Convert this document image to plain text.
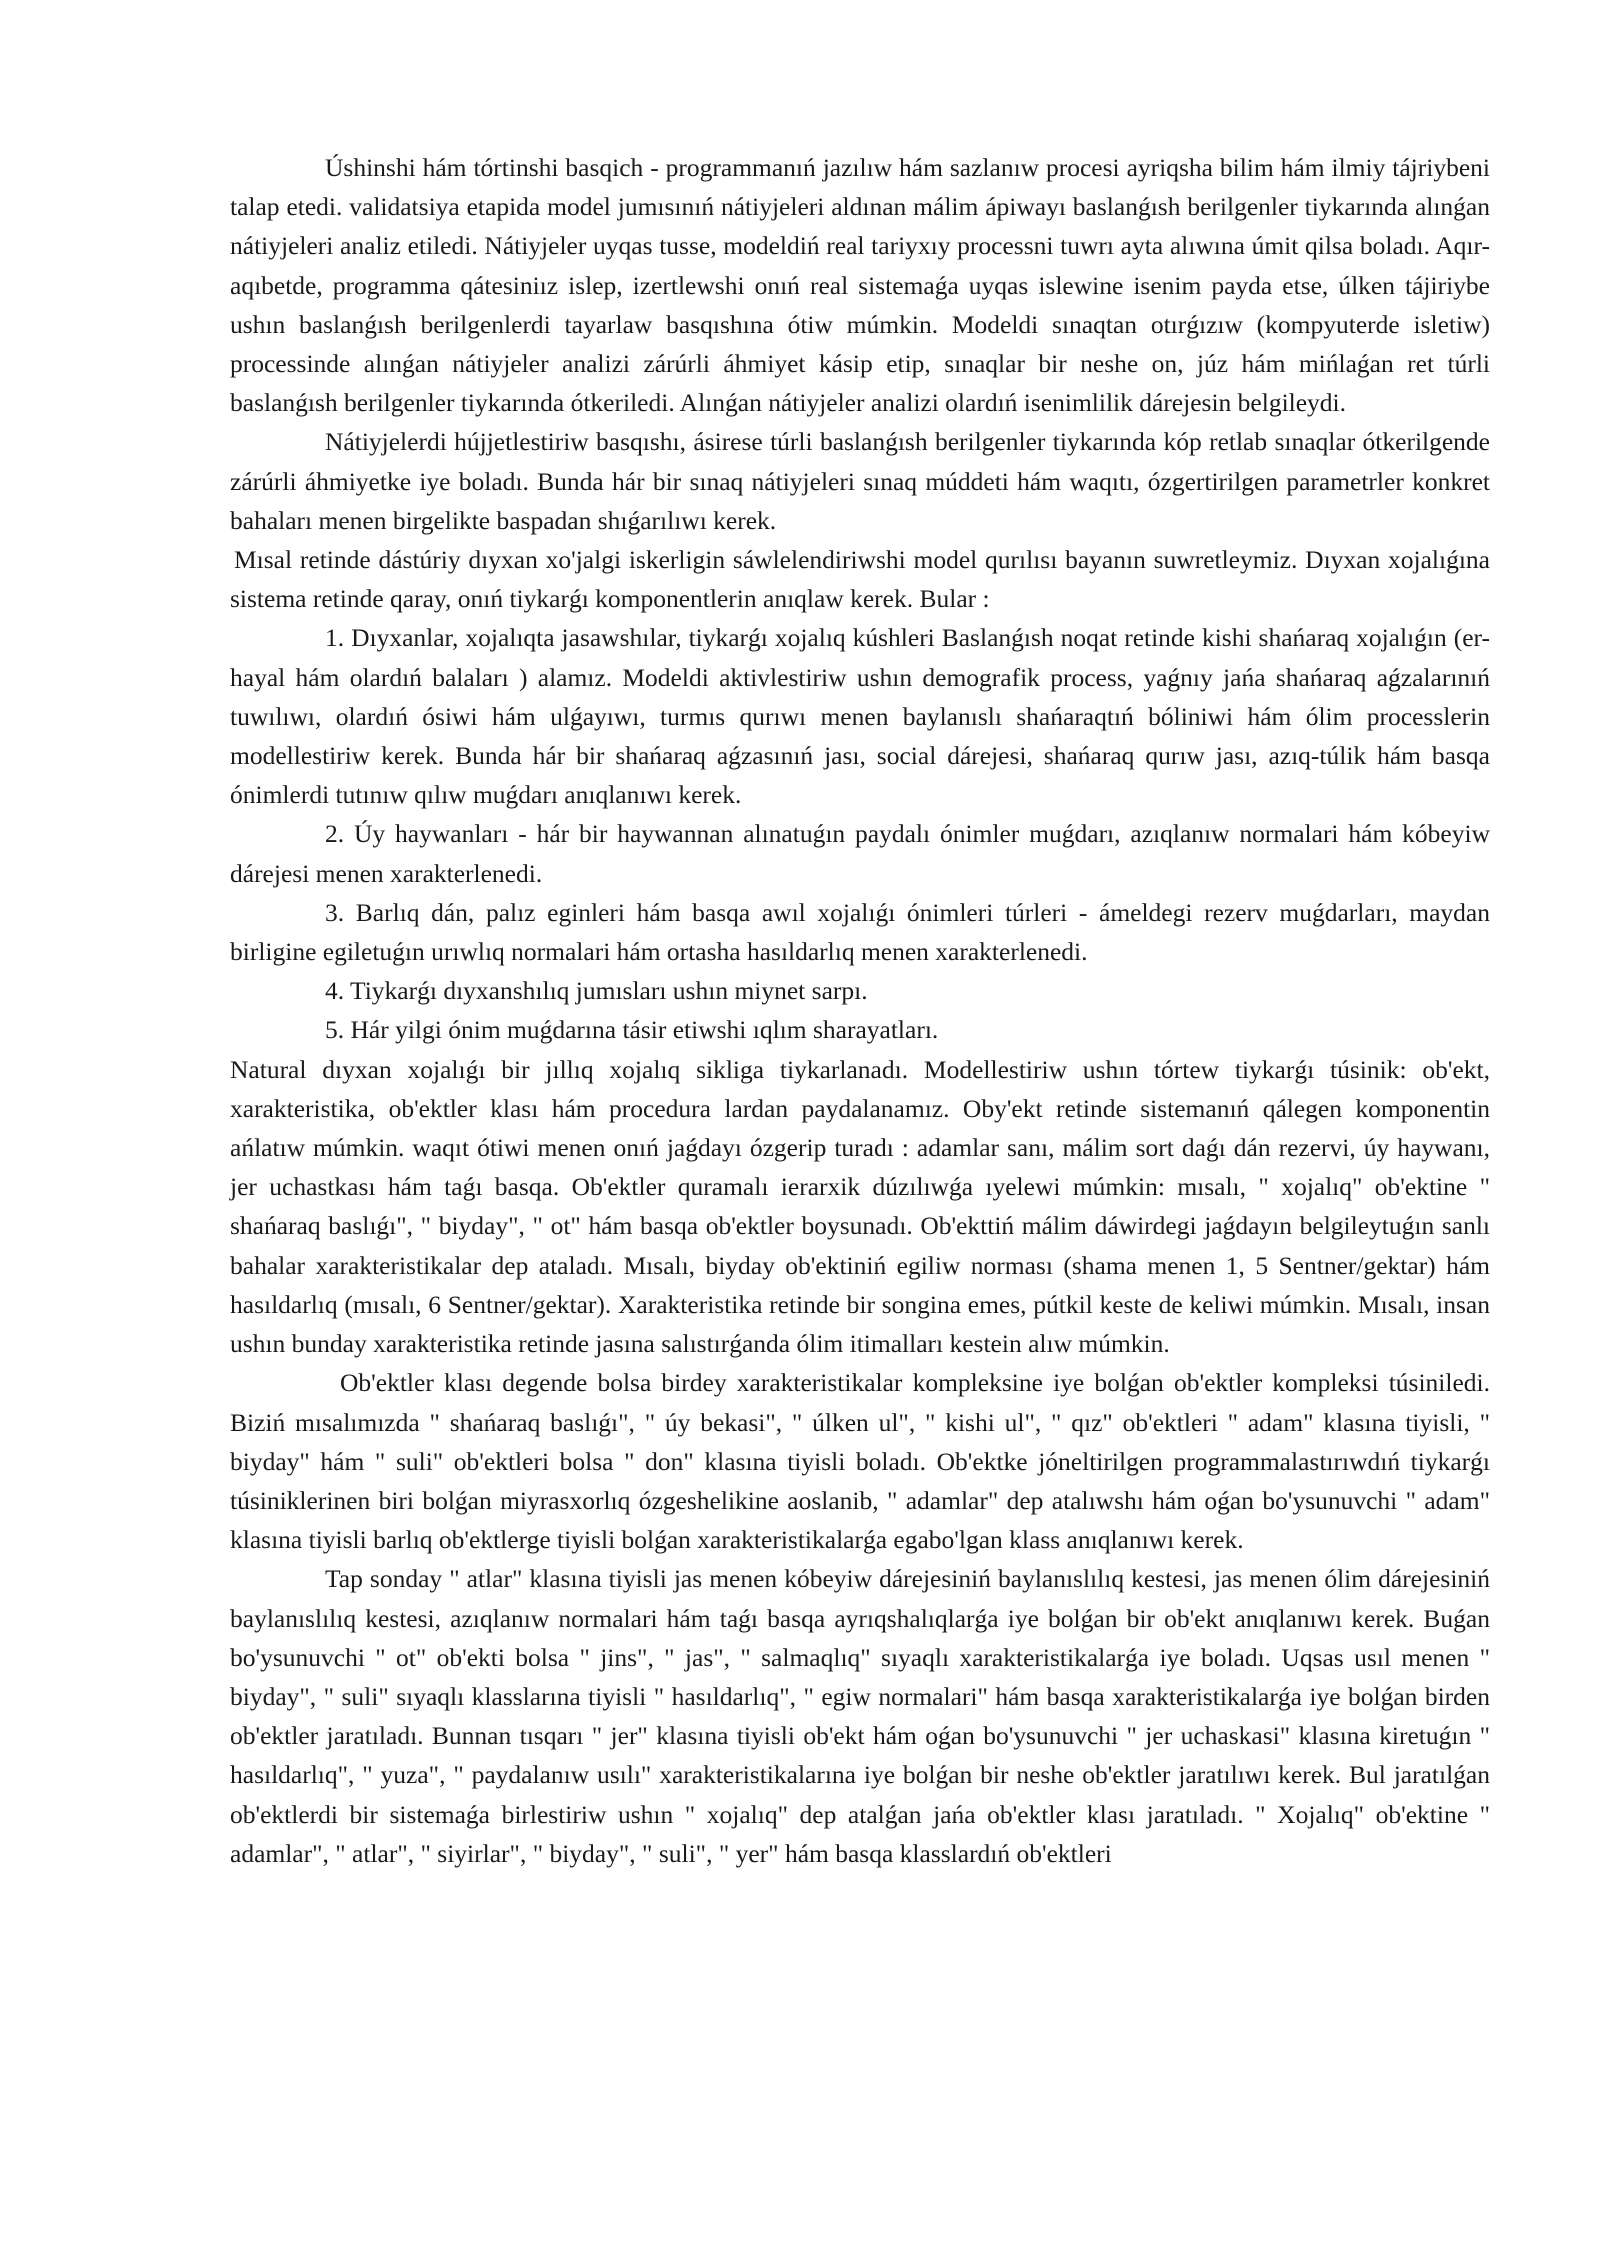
Úshinshi hám tórtinshi basqich - programmanıń jazılıw hám sazlanıw procesi ayriqsha bilim hám ilmiy tájriybeni talap etedi. validatsiya etapida model jumısınıń nátiyjeleri aldınan málim ápiwayı baslanǵısh berilgenler tiykarında alınǵan nátiyjeleri analiz etiledi. Nátiyjeler uyqas tusse, modeldiń real tariyxıy processni tuwrı ayta alıwına úmit qilsa boladı. Aqır-aqıbetde, programma qátesiniız islep, izertlewshi onıń real sistemaǵa uyqas islewine isenim payda etse, úlken tájiriybe ushın baslanǵısh berilgenlerdi tayarlaw basqıshına ótiw múmkin. Modeldi sınaqtan otırǵızıw (kompyuterde isletiw) processinde alınǵan nátiyjeler analizi zárúrli áhmiyet kásip etip, sınaqlar bir neshe on, júz hám mińlaǵan ret túrli baslanǵısh berilgenler tiykarında ótkeriledi. Alınǵan nátiyjeler analizi olardıń isenimlilik dárejesin belgileydi.

Nátiyjelerdi hújjetlestiriw basqıshı, ásirese túrli baslanǵısh berilgenler tiykarında kóp retlab sınaqlar ótkerilgende zárúrli áhmiyetke iye boladı. Bunda hár bir sınaq nátiyjeleri sınaq múddeti hám waqıtı, ózgertirilgen parametrler konkret bahaları menen birgelikte baspadan shıǵarılıwı kerek.

Mısal retinde dástúriy dıyxan xo'jalgi iskerligin sáwlelendiriwshi model qurılısı bayanın suwretleymiz. Dıyxan xojalıǵına sistema retinde qaray, onıń tiykarǵı komponentlerin anıqlaw kerek. Bular :

1. Dıyxanlar, xojalıqta jasawshılar, tiykarǵı xojalıq kúshleri Baslanǵısh noqat retinde kishi shańaraq xojalıǵın (er-hayal hám olardıń balaları ) alamız. Modeldi aktivlestiriw ushın demografik process, yaǵnıy jańa shańaraq aǵzalarınıń tuwılıwı, olardıń ósiwi hám ulǵayıwı, turmıs qurıwı menen baylanıslı shańaraqtıń bóliniwi hám ólim processlerin modellestiriw kerek. Bunda hár bir shańaraq aǵzasınıń jası, social dárejesi, shańaraq qurıw jası, azıq-túlik hám basqa ónimlerdi tutınıw qılıw muǵdarı anıqlanıwı kerek.

2. Úy haywanları - hár bir haywannan alınatuǵın paydalı ónimler muǵdarı, azıqlanıw normalari hám kóbeyiw dárejesi menen xarakterlenedi.

3. Barlıq dán, palız eginleri hám basqa awıl xojalıǵı ónimleri túrleri - ámeldegi rezerv muǵdarları, maydan birligine egiletuǵın urıwlıq normalari hám ortasha hasıldarlıq menen xarakterlenedi.

4. Tiykarǵı dıyxanshılıq jumısları ushın miynet sarpı.

5. Hár yilgi ónim muǵdarına tásir etiwshi ıqlım sharayatları.

Natural dıyxan xojalıǵı bir jıllıq xojalıq sikliga tiykarlanadı. Modellestiriw ushın tórtew tiykarǵı túsinik: ob'ekt, xarakteristika, ob'ektler klası hám procedura lardan paydalanamız. Oby'ekt retinde sistemanıń qálegen komponentin ańlatıw múmkin. waqıt ótiwi menen onıń jaǵdayı ózgerip turadı : adamlar sanı, málim sort daǵı dán rezervi, úy haywanı, jer uchastkası hám taǵı basqa. Ob'ektler quramalı ierarxik dúzılıwǵa ıyelewi múmkin: mısalı, " xojalıq" ob'ektine " shańaraq baslıǵı", " biyday", " ot" hám basqa ob'ektler boysunadı. Ob'ekttiń málim dáwirdegi jaǵdayın belgileytuǵın sanlı bahalar xarakteristikalar dep ataladı. Mısalı, biyday ob'ektiniń egiliw norması (shama menen 1, 5 Sentner/gektar) hám hasıldarlıq (mısalı, 6 Sentner/gektar). Xarakteristika retinde bir songina emes, pútkil keste de keliwi múmkin. Mısalı, insan ushın bunday xarakteristika retinde jasına salıstırǵanda ólim itimalları kestein alıw múmkin.

Ob'ektler klası degende bolsa birdey xarakteristikalar kompleksine iye bolǵan ob'ektler kompleksi túsiniledi. Biziń mısalımızda " shańaraq baslıǵı", " úy bekasi", " úlken ul", " kishi ul", " qız" ob'ektleri " adam" klasına tiyisli, " biyday" hám " suli" ob'ektleri bolsa " don" klasına tiyisli boladı. Ob'ektke jóneltirilgen programmalastırıwdıń tiykarǵı túsiniklerinen biri bolǵan miyrasxorlıq ózgeshelikine aoslanib, " adamlar" dep atalıwshı hám oǵan bo'ysunuvchi " adam" klasına tiyisli barlıq ob'ektlerge tiyisli bolǵan xarakteristikalarǵa egabo'lgan klass anıqlanıwı kerek.

Tap sonday " atlar" klasına tiyisli jas menen kóbeyiw dárejesiniń baylanıslılıq kestesi, jas menen ólim dárejesiniń baylanıslılıq kestesi, azıqlanıw normalari hám taǵı basqa ayrıqshalıqlarǵa iye bolǵan bir ob'ekt anıqlanıwı kerek. Buǵan bo'ysunuvchi " ot" ob'ekti bolsa " jins", " jas", " salmaqlıq" sıyaqlı xarakteristikalarǵa iye boladı. Uqsas usıl menen " biyday", " suli" sıyaqlı klasslarına tiyisli " hasıldarlıq", " egiw normalari" hám basqa xarakteristikalarǵa iye bolǵan birden ob'ektler jaratıladı. Bunnan tısqarı " jer" klasına tiyisli ob'ekt hám oǵan bo'ysunuvchi " jer uchaskasi" klasına kiretuǵın " hasıldarlıq", " yuza", " paydalanıw usılı" xarakteristikalarına iye bolǵan bir neshe ob'ektler jaratılıwı kerek. Bul jaratılǵan ob'ektlerdi bir sistemaǵa birlestiriw ushın " xojalıq" dep atalǵan jańa ob'ektler klası jaratıladı. " Xojalıq" ob'ektine " adamlar", " atlar", " siyirlar", " biyday", " suli", " yer" hám basqa klasslardıń ob'ektleri
